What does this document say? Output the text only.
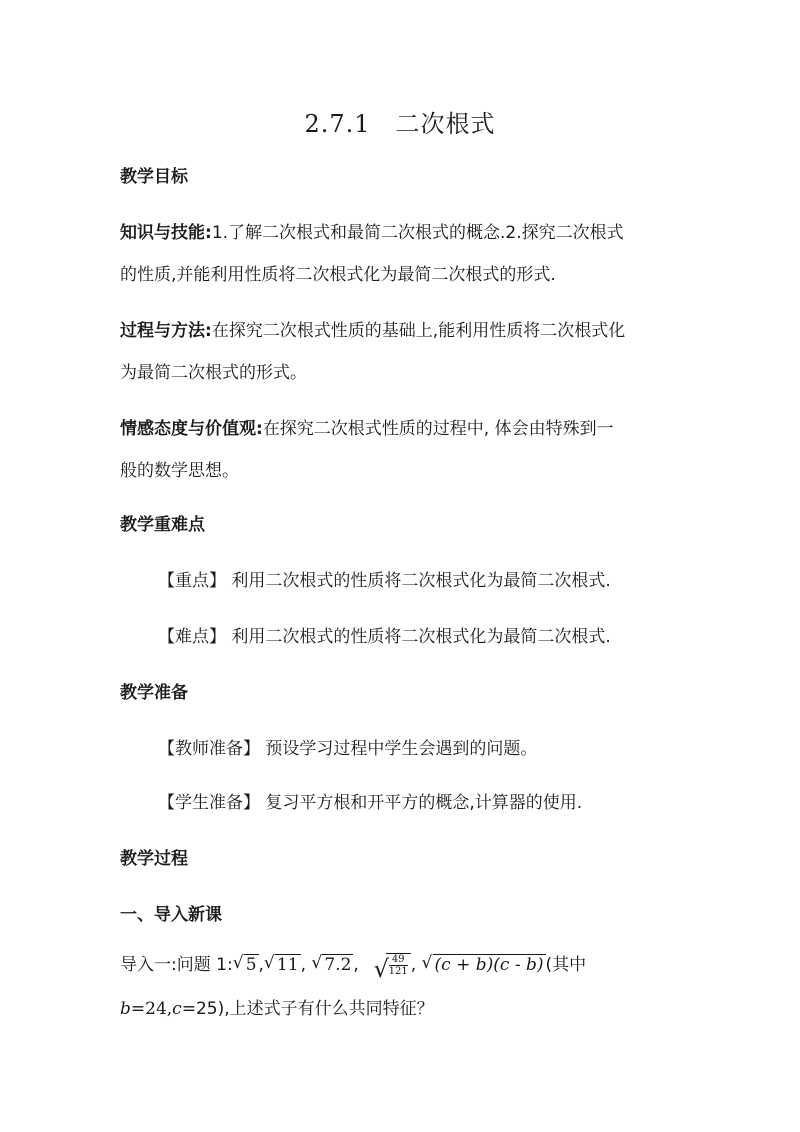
2.7.1　二次根式
教学目标
知识与技能:1.了解二次根式和最简二次根式的概念.2.探究二次根式
的性质,并能利用性质将二次根式化为最简二次根式的形式.
过程与方法:在探究二次根式性质的基础上,能利用性质将二次根式化
为最简二次根式的形式。
情感态度与价值观:在探究二次根式性质的过程中, 体会由特殊到一
般的数学思想。
教学重难点
【重点】 利用二次根式的性质将二次根式化为最简二次根式.
【难点】 利用二次根式的性质将二次根式化为最简二次根式.
教学准备
【教师准备】 预设学习过程中学生会遇到的问题。
【学生准备】 复习平方根和开平方的概念,计算器的使用.
教学过程
一、导入新课
导入一:问题 1: √ 5 , √ 11 , √ 7.2 , √ $\frac{49}{121}$ , √ (c + b)(c - b) (其中
b=24,c=25),上述式子有什么共同特征？
